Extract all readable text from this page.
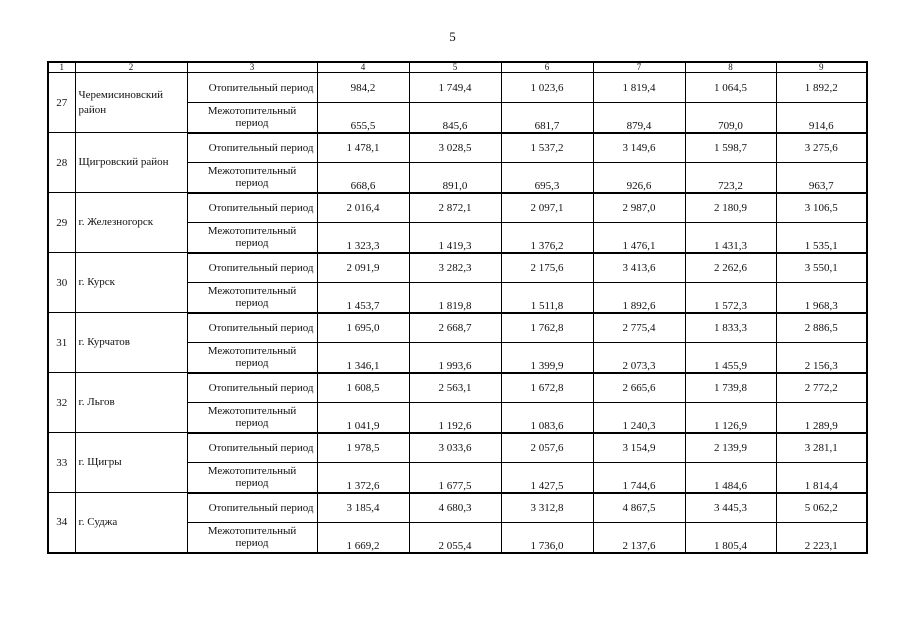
5
1	2	3	4	5	6	7	8	9
27	Черемисиновский район	Отопительный период	984,2	1 749,4	1 023,6	1 819,4	1 064,5	1 892,2
		Межотопительный период	655,5	845,6	681,7	879,4	709,0	914,6
28	Щигровский район	Отопительный период	1 478,1	3 028,5	1 537,2	3 149,6	1 598,7	3 275,6
		Межотопительный период	668,6	891,0	695,3	926,6	723,2	963,7
29	г. Железногорск	Отопительный период	2 016,4	2 872,1	2 097,1	2 987,0	2 180,9	3 106,5
		Межотопительный период	1 323,3	1 419,3	1 376,2	1 476,1	1 431,3	1 535,1
30	г. Курск	Отопительный период	2 091,9	3 282,3	2 175,6	3 413,6	2 262,6	3 550,1
		Межотопительный период	1 453,7	1 819,8	1 511,8	1 892,6	1 572,3	1 968,3
31	г. Курчатов	Отопительный период	1 695,0	2 668,7	1 762,8	2 775,4	1 833,3	2 886,5
		Межотопительный период	1 346,1	1 993,6	1 399,9	2 073,3	1 455,9	2 156,3
32	г. Льгов	Отопительный период	1 608,5	2 563,1	1 672,8	2 665,6	1 739,8	2 772,2
		Межотопительный период	1 041,9	1 192,6	1 083,6	1 240,3	1 126,9	1 289,9
33	г. Щигры	Отопительный период	1 978,5	3 033,6	2 057,6	3 154,9	2 139,9	3 281,1
		Межотопительный период	1 372,6	1 677,5	1 427,5	1 744,6	1 484,6	1 814,4
34	г. Суджа	Отопительный период	3 185,4	4 680,3	3 312,8	4 867,5	3 445,3	5 062,2
		Межотопительный период	1 669,2	2 055,4	1 736,0	2 137,6	1 805,4	2 223,1
